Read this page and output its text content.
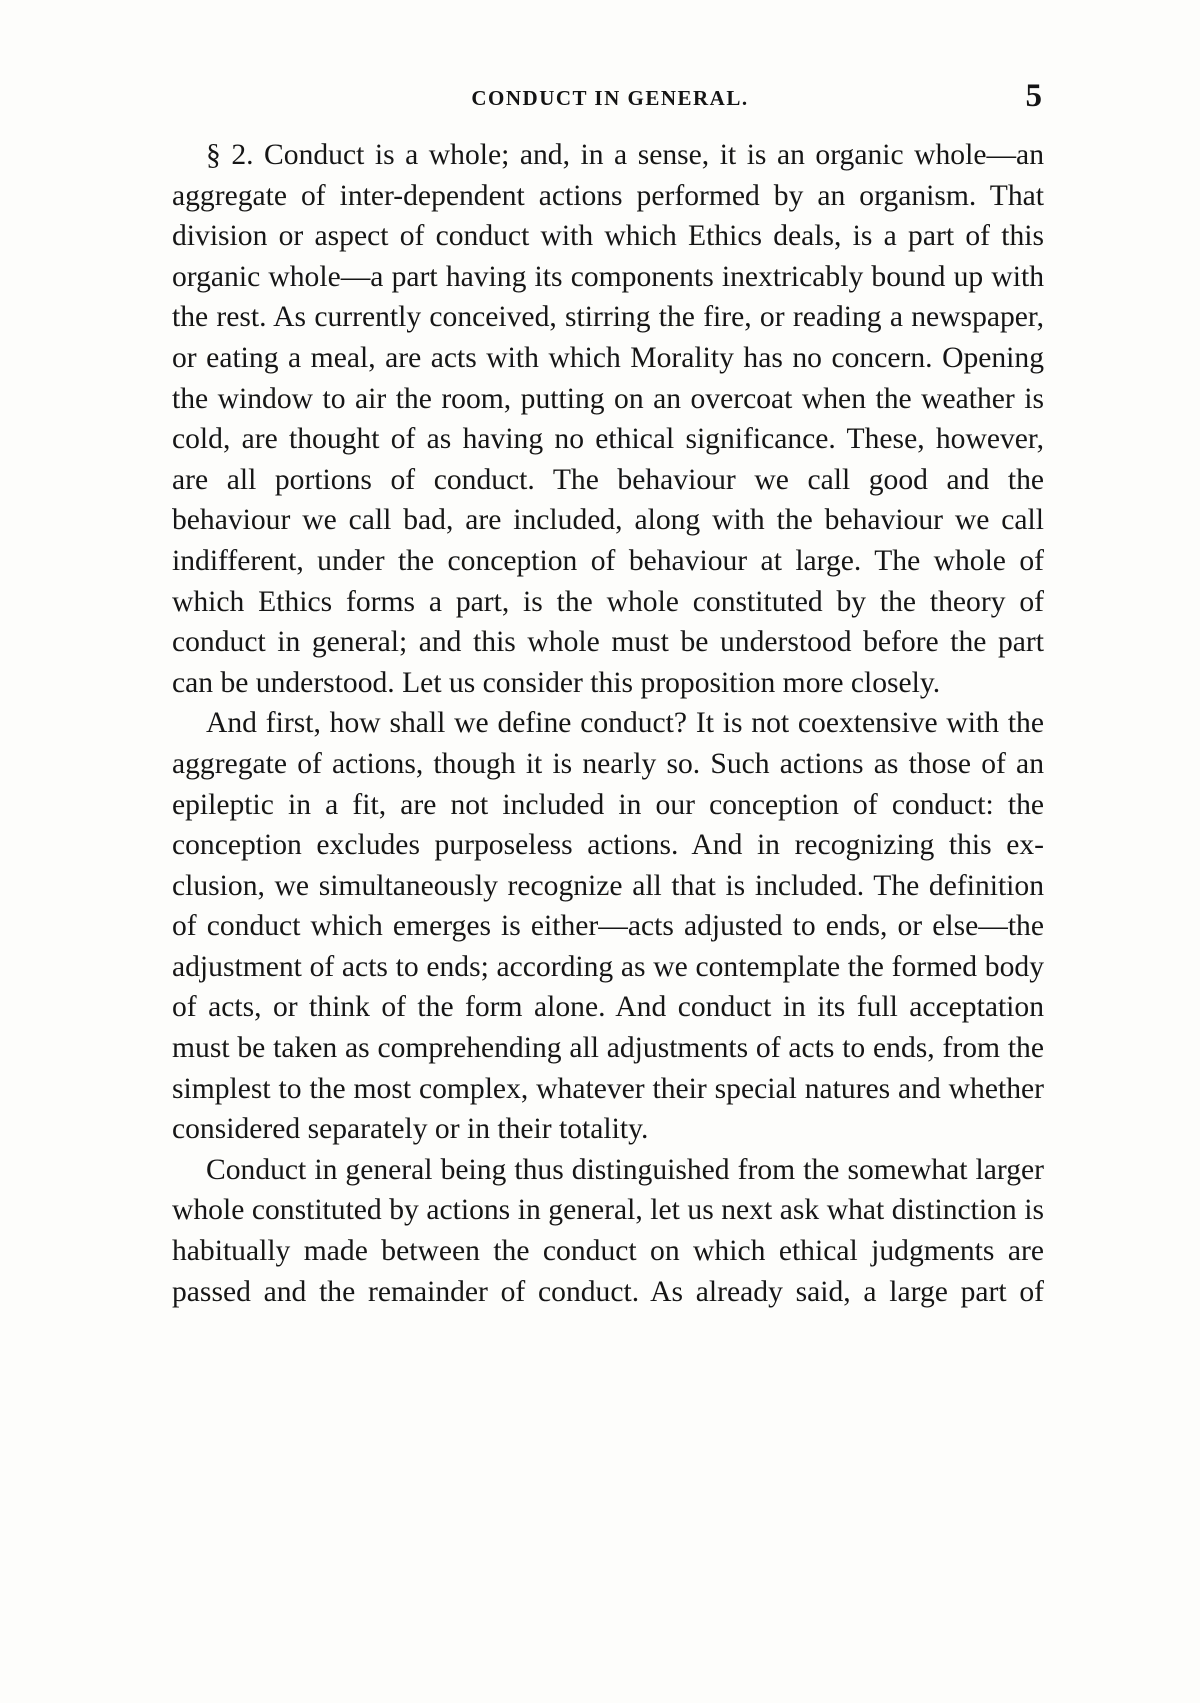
CONDUCT IN GENERAL.	5

§ 2. Conduct is a whole; and, in a sense, it is an organic whole—an aggregate of inter-dependent actions performed by an organism. That division or aspect of conduct with which Ethics deals, is a part of this organic whole—a part having its components inextricably bound up with the rest. As currently conceived, stirring the fire, or reading a newspaper, or eating a meal, are acts with which Morality has no concern. Opening the window to air the room, putting on an overcoat when the weather is cold, are thought of as having no ethical significance. These, however, are all portions of conduct. The behaviour we call good and the behaviour we call bad, are included, along with the behaviour we call indifferent, under the conception of behaviour at large. The whole of which Ethics forms a part, is the whole constituted by the theory of conduct in general; and this whole must be understood before the part can be understood. Let us consider this proposition more closely.

And first, how shall we define conduct? It is not coextensive with the aggregate of actions, though it is nearly so. Such actions as those of an epileptic in a fit, are not included in our conception of conduct: the conception excludes purposeless actions. And in recognizing this exclusion, we simultaneously recognize all that is included. The definition of conduct which emerges is either—acts adjusted to ends, or else—the adjustment of acts to ends; according as we contemplate the formed body of acts, or think of the form alone. And conduct in its full acceptation must be taken as comprehending all adjustments of acts to ends, from the simplest to the most complex, whatever their special natures and whether considered separately or in their totality.

Conduct in general being thus distinguished from the somewhat larger whole constituted by actions in general, let us next ask what distinction is habitually made between the conduct on which ethical judgments are passed and the remainder of conduct. As already said, a large part of
